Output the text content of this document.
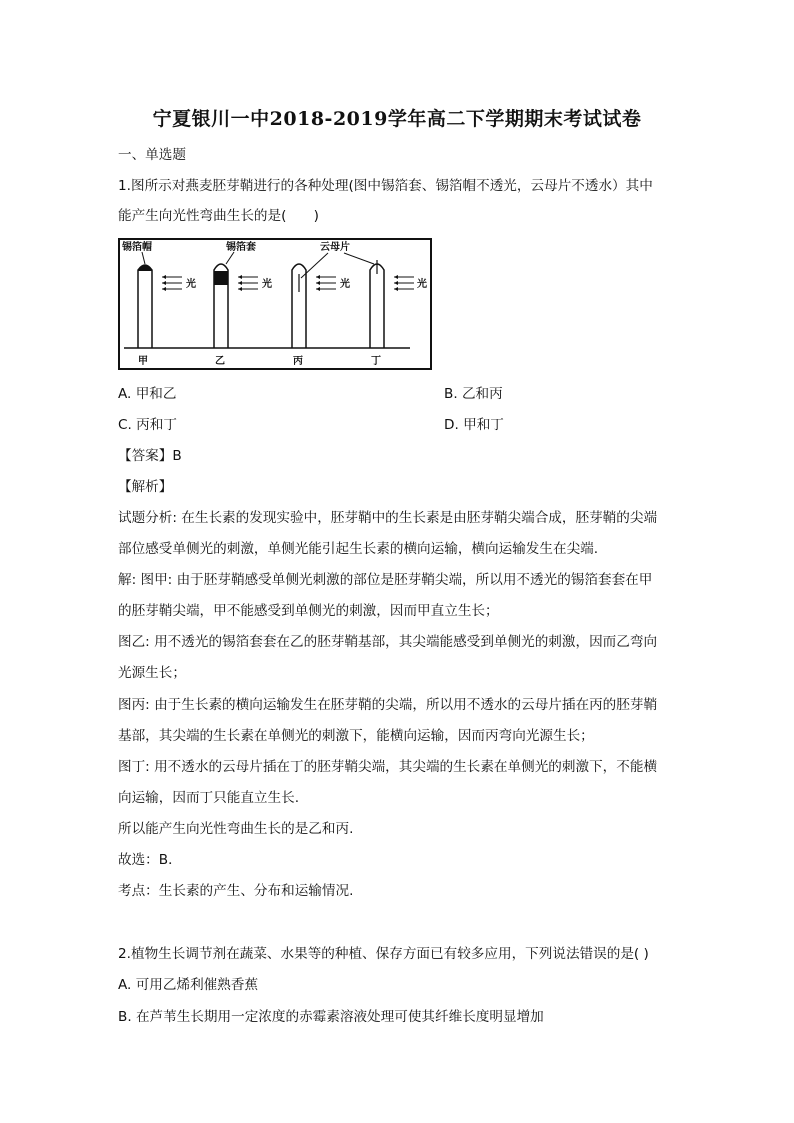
宁夏银川一中2018-2019学年高二下学期期末考试试卷
一、单选题
1.图所示对燕麦胚芽鞘进行的各种处理(图中锡箔套、锡箔帽不透光，云母片不透水）其中
能产生向光性弯曲生长的是(　　)
锡箔帽
甲
光
锡箔套
乙
光
云母片
丙
光
丁
光
A. 甲和乙	B. 乙和丙
C. 丙和丁	D. 甲和丁
【答案】B
【解析】
试题分析: 在生长素的发现实验中，胚芽鞘中的生长素是由胚芽鞘尖端合成，胚芽鞘的尖端
部位感受单侧光的刺激，单侧光能引起生长素的横向运输，横向运输发生在尖端.
解: 图甲: 由于胚芽鞘感受单侧光刺激的部位是胚芽鞘尖端，所以用不透光的锡箔套套在甲
的胚芽鞘尖端，甲不能感受到单侧光的刺激，因而甲直立生长；
图乙: 用不透光的锡箔套套在乙的胚芽鞘基部，其尖端能感受到单侧光的刺激，因而乙弯向
光源生长；
图丙: 由于生长素的横向运输发生在胚芽鞘的尖端，所以用不透水的云母片插在丙的胚芽鞘
基部，其尖端的生长素在单侧光的刺激下，能横向运输，因而丙弯向光源生长；
图丁: 用不透水的云母片插在丁的胚芽鞘尖端，其尖端的生长素在单侧光的刺激下，不能横
向运输，因而丁只能直立生长.
所以能产生向光性弯曲生长的是乙和丙.
故选：B．
考点：生长素的产生、分布和运输情况.
2.植物生长调节剂在蔬菜、水果等的种植、保存方面已有较多应用，下列说法错误的是( )
A. 可用乙烯利催熟香蕉
B. 在芦苇生长期用一定浓度的赤霉素溶液处理可使其纤维长度明显增加
